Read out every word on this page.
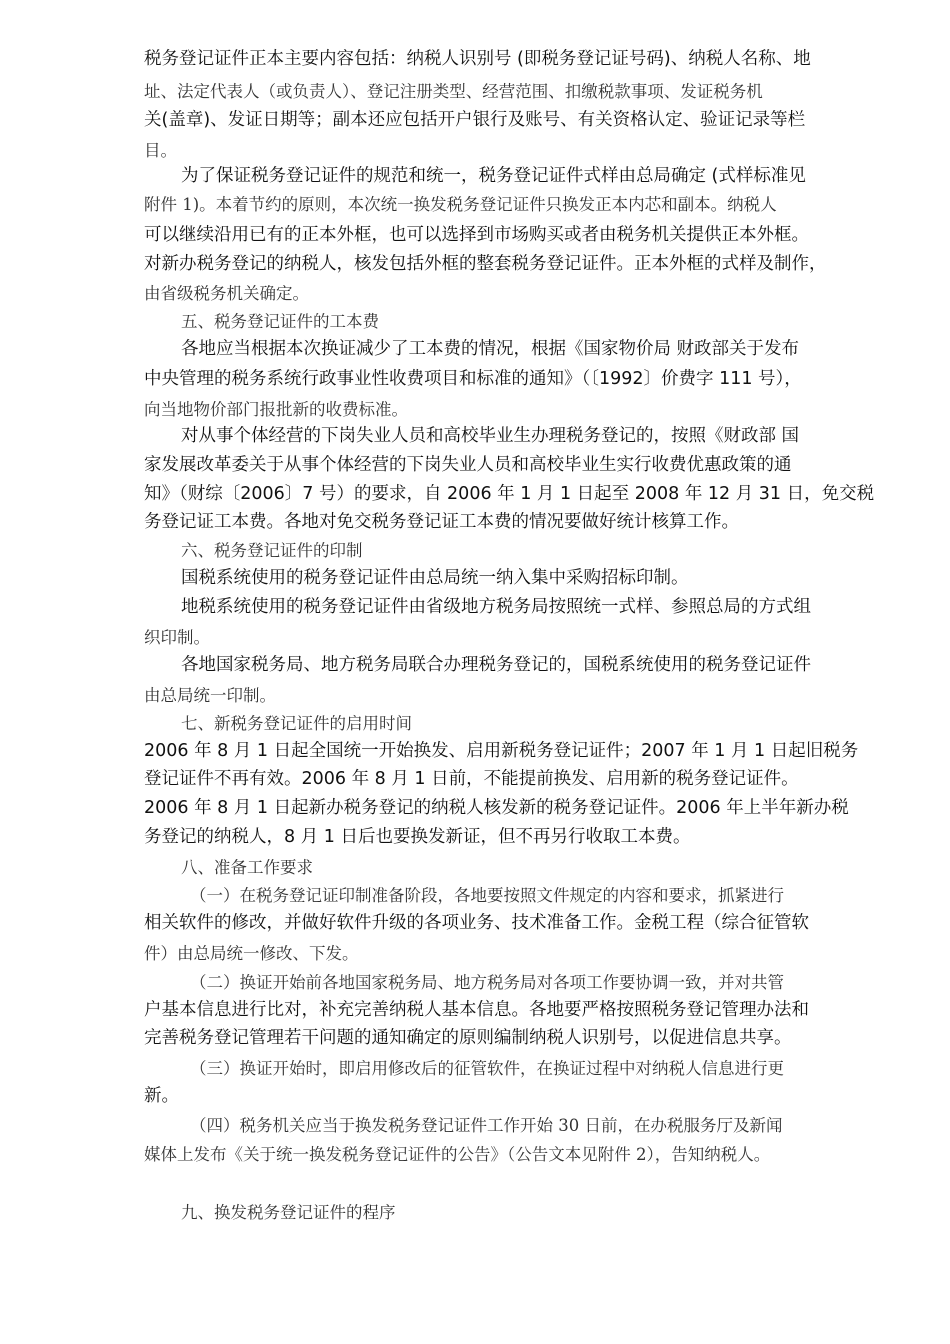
税务登记证件正本主要内容包括：纳税人识别号 (即税务登记证号码)、纳税人名称、地
址、法定代表人（或负责人）、登记注册类型、经营范围、扣缴税款事项、发证税务机
关(盖章)、发证日期等；副本还应包括开户银行及账号、有关资格认定、验证记录等栏
目。
为了保证税务登记证件的规范和统一，税务登记证件式样由总局确定 (式样标准见
附件 1)。本着节约的原则，本次统一换发税务登记证件只换发正本内芯和副本。纳税人
可以继续沿用已有的正本外框，也可以选择到市场购买或者由税务机关提供正本外框。
对新办税务登记的纳税人，核发包括外框的整套税务登记证件。正本外框的式样及制作，
由省级税务机关确定。
五、税务登记证件的工本费
各地应当根据本次换证减少了工本费的情况，根据《国家物价局 财政部关于发布
中央管理的税务系统行政事业性收费项目和标准的通知》（〔1992〕价费字 111 号），
向当地物价部门报批新的收费标准。
对从事个体经营的下岗失业人员和高校毕业生办理税务登记的，按照《财政部 国
家发展改革委关于从事个体经营的下岗失业人员和高校毕业生实行收费优惠政策的通
知》（财综〔2006〕7 号）的要求，自 2006 年 1 月 1 日起至 2008 年 12 月 31 日，免交税
务登记证工本费。各地对免交税务登记证工本费的情况要做好统计核算工作。
六、税务登记证件的印制
国税系统使用的税务登记证件由总局统一纳入集中采购招标印制。
地税系统使用的税务登记证件由省级地方税务局按照统一式样、参照总局的方式组
织印制。
各地国家税务局、地方税务局联合办理税务登记的，国税系统使用的税务登记证件
由总局统一印制。
七、新税务登记证件的启用时间
2006 年 8 月 1 日起全国统一开始换发、启用新税务登记证件；2007 年 1 月 1 日起旧税务
登记证件不再有效。2006 年 8 月 1 日前，不能提前换发、启用新的税务登记证件。
2006 年 8 月 1 日起新办税务登记的纳税人核发新的税务登记证件。2006 年上半年新办税
务登记的纳税人，8 月 1 日后也要换发新证，但不再另行收取工本费。
八、准备工作要求
（一）在税务登记证印制准备阶段，各地要按照文件规定的内容和要求，抓紧进行
相关软件的修改，并做好软件升级的各项业务、技术准备工作。金税工程（综合征管软
件）由总局统一修改、下发。
（二）换证开始前各地国家税务局、地方税务局对各项工作要协调一致，并对共管
户基本信息进行比对，补充完善纳税人基本信息。各地要严格按照税务登记管理办法和
完善税务登记管理若干问题的通知确定的原则编制纳税人识别号，以促进信息共享。
（三）换证开始时，即启用修改后的征管软件，在换证过程中对纳税人信息进行更
新。
（四）税务机关应当于换发税务登记证件工作开始 30 日前，在办税服务厅及新闻
媒体上发布《关于统一换发税务登记证件的公告》（公告文本见附件 2），告知纳税人。
九、换发税务登记证件的程序
